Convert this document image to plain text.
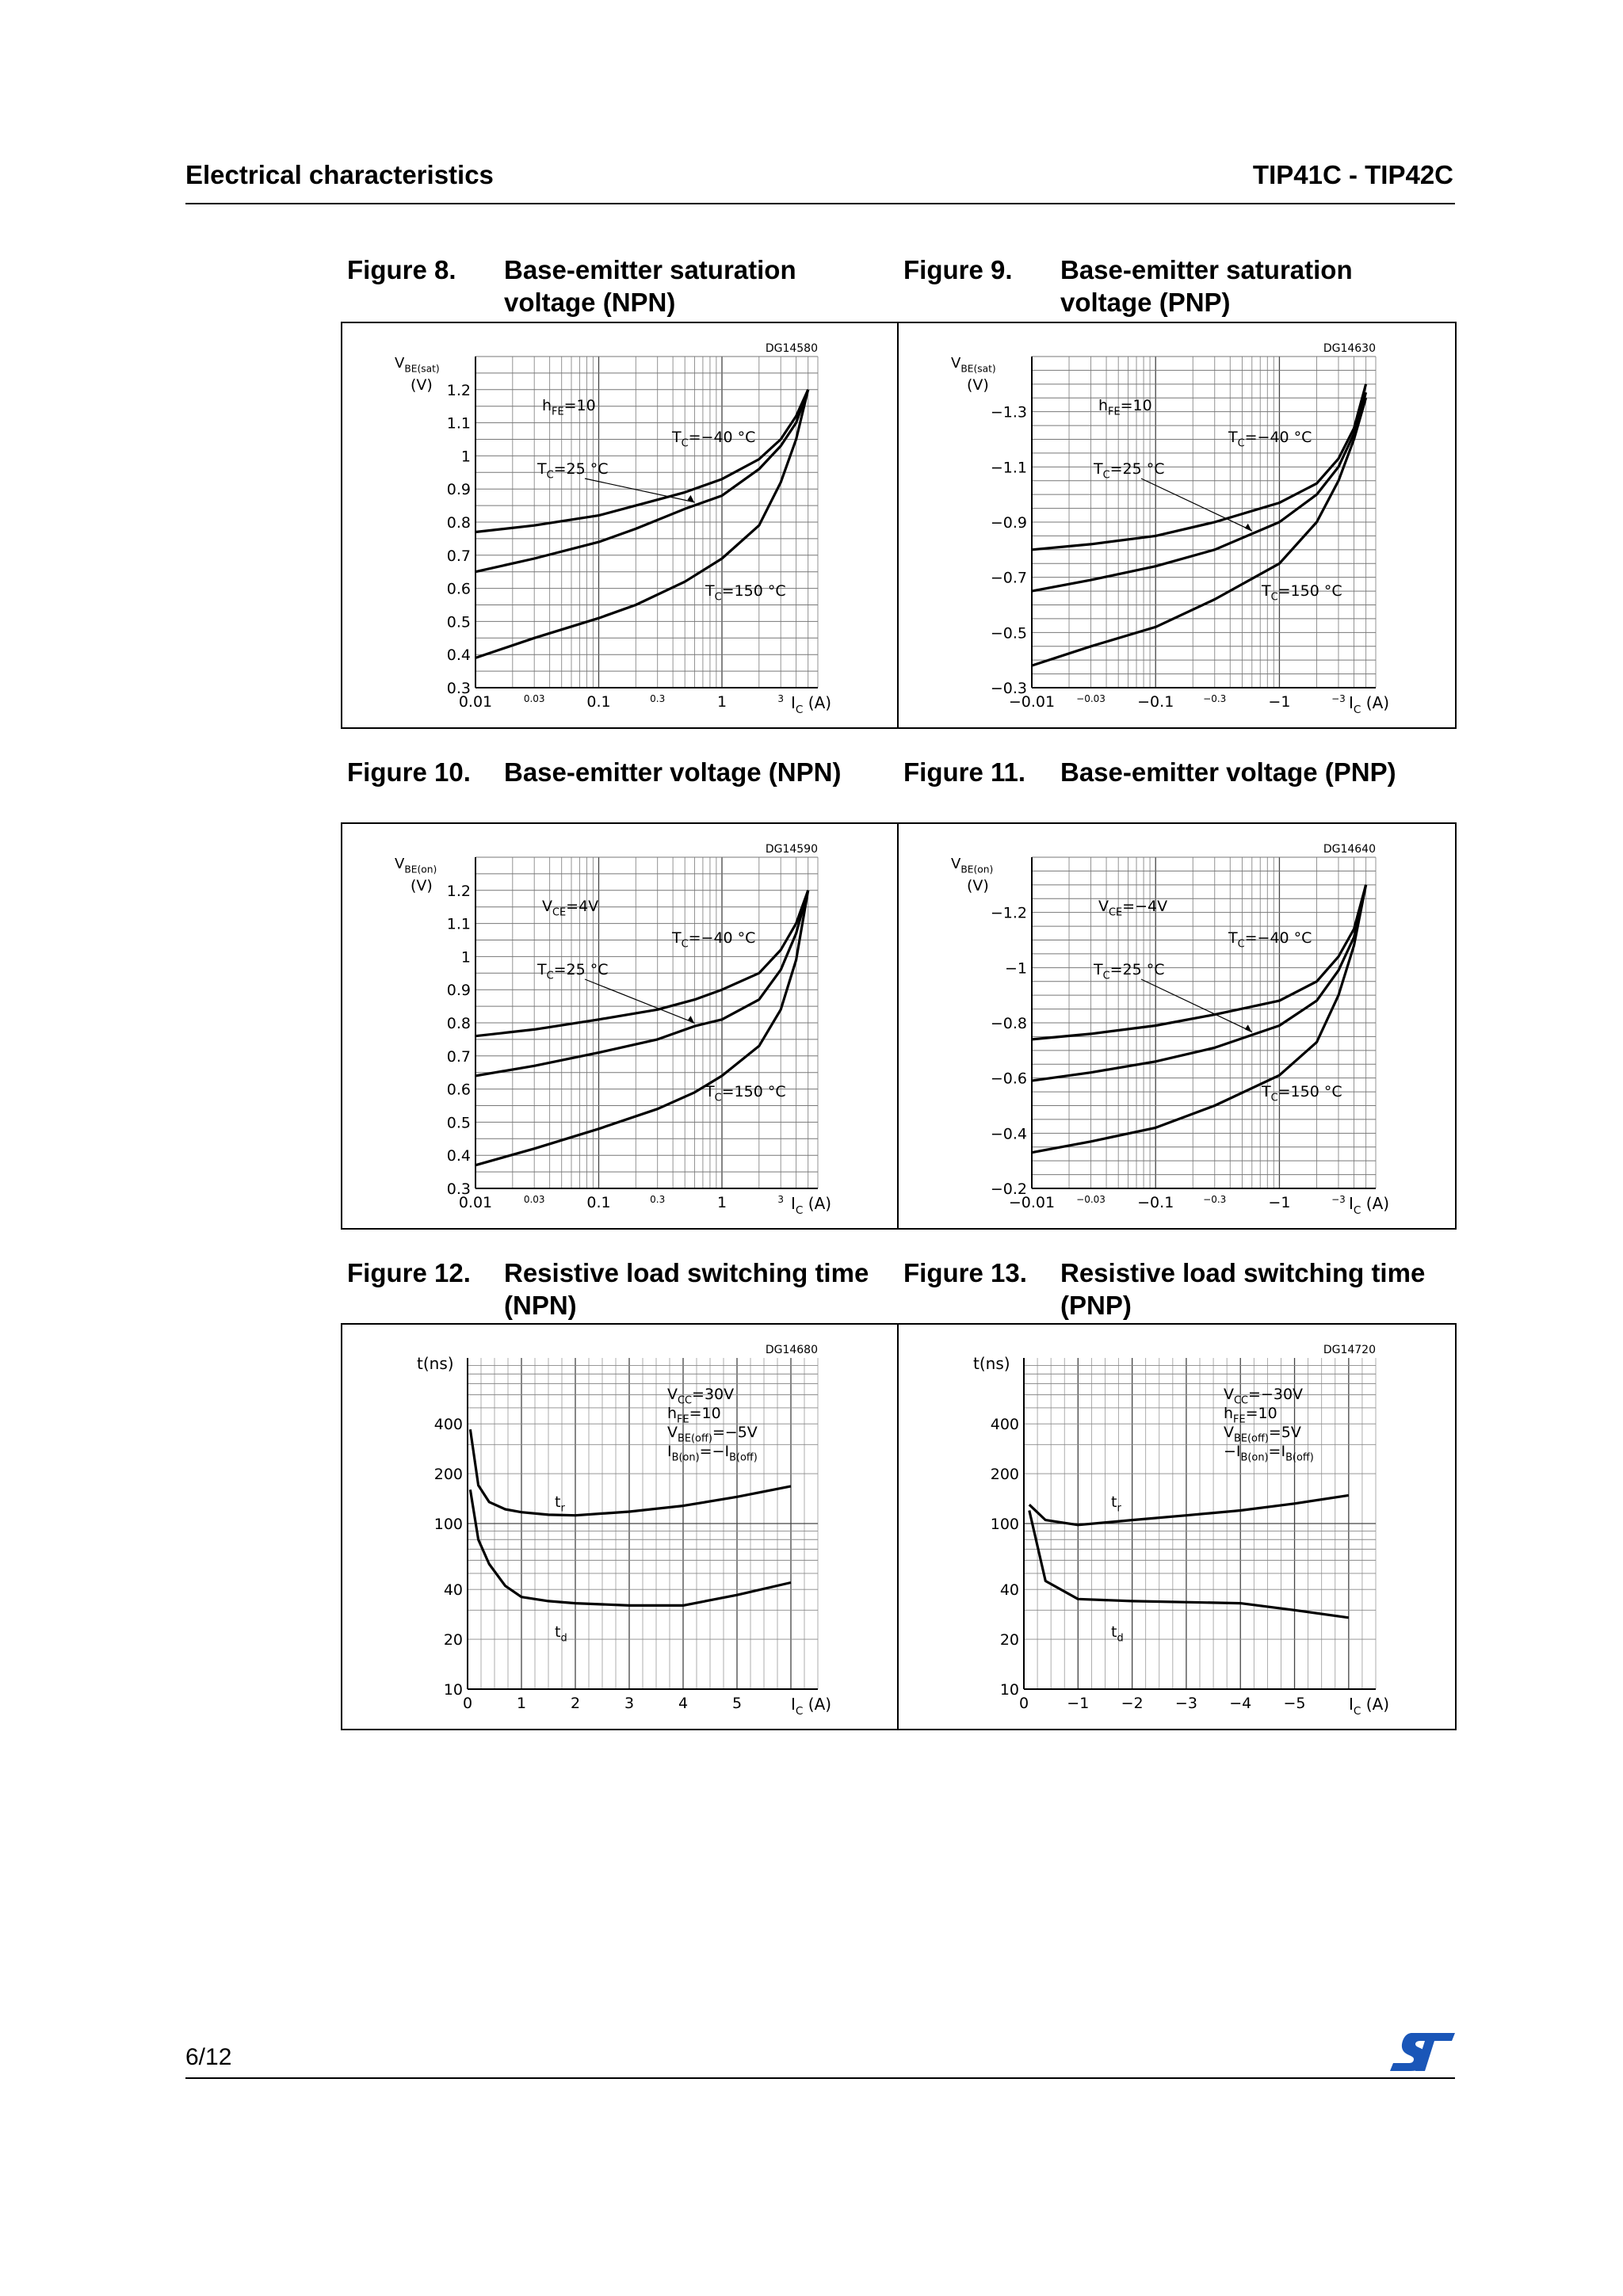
Electrical characteristics	TIP41C - TIP42C
Figure 8. Base-emitter saturation
voltage (NPN)
Figure 9. Base-emitter saturation
voltage (PNP)
Figure 10. Base-emitter voltage (NPN) Figure 11. Base-emitter voltage (PNP)
Figure 12. Resistive load switching time
(NPN)
Figure 13. Resistive load switching time
(PNP)
0.01	0.03	0.1	0.3	1	3
0.3
0.4
0.5
0.6
0.7
0.8
0.9
1
1.1
1.2
$I_C$ (A)
$V_{BE(sat)}$
(V)
DG14580
$h_{FE}=10$
$T_C=-40$ °C
$T_C=25$ °C
$T_C=150$ °C
−0.01 −0.03 −0.1	−0.3	−1	−3
−0.3
−0.5
−0.7
−0.9
−1.1
−1.3
$I_C$ (A)
$V_{BE(sat)}$
(V)
DG14630
$h_{FE}=10$
$T_C=-40$ °C
$T_C=25$ °C
$T_C=150$ °C
0.01	0.03	0.1	0.3	1	3
0.3
0.4
0.5
0.6
0.7
0.8
0.9
1
1.1
1.2
$I_C$ (A)
$V_{BE(on)}$
(V)
DG14590
$V_{CE}=4V$
$T_C=-40$ °C
$T_C=25$ °C
$T_C=150$ °C
−0.01 −0.03 −0.1	−0.3	−1	−3
−0.2
−0.4
−0.6
−0.8
−1
−1.2
$I_C$ (A)
$V_{BE(on)}$
(V)
DG14640
$V_{CE}=-4V$
$T_C=-40$ °C
$T_C=25$ °C
$T_C=150$ °C
0	1	2	3	4	5
10
20
40
100
200
400
$I_C$ (A)
t(ns)
DG14680
$V_{CC}=30V$
$h_{FE}=10$
$V_{BE(off)}=-5V$
$I_{B(on)}=-I_{B(off)}$
$t_r$
$t_d$
0	−1 −2 −3 −4 −5
10
20
40
100
200
400
$I_C$ (A)
t(ns)
DG14720
$V_{CC}=-30V$
$h_{FE}=10$
$V_{BE(off)}=5V$
$-I_{B(on)}=I_{B(off)}$
$t_r$
$t_d$
6/12
